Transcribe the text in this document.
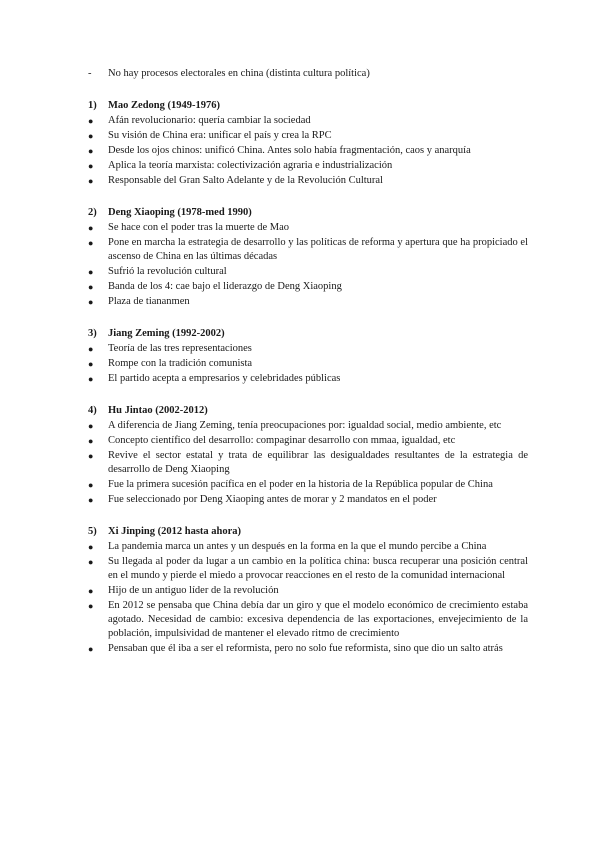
-	No hay procesos electorales en china (distinta cultura política)
1)	Mao Zedong (1949-1976)
●	Afán revolucionario: quería cambiar la sociedad
●	Su visión de China era: unificar el país y crea la RPC
●	Desde los ojos chinos: unificó China. Antes solo había fragmentación, caos y anarquía
●	Aplica la teoría marxista: colectivización agraria e industrialización
●	Responsable del Gran Salto Adelante y de la Revolución Cultural
2)	Deng Xiaoping (1978-med 1990)
●	Se hace con el poder tras la muerte de Mao
●	Pone en marcha la estrategia de desarrollo y las políticas de reforma y apertura que ha propiciado el ascenso de China en las últimas décadas
●	Sufrió la revolución cultural
●	Banda de los 4: cae bajo el liderazgo de Deng Xiaoping
●	Plaza de tiananmen
3)	Jiang Zeming (1992-2002)
●	Teoría de las tres representaciones
●	Rompe con la tradición comunista
●	El partido acepta a empresarios y celebridades públicas
4)	Hu Jintao (2002-2012)
●	A diferencia de Jiang Zeming, tenía preocupaciones por: igualdad social, medio ambiente, etc
●	Concepto científico del desarrollo: compaginar desarrollo con mmaa, igualdad, etc
●	Revive el sector estatal y trata de equilibrar las desigualdades resultantes de la estrategia de desarrollo de Deng Xiaoping
●	Fue la primera sucesión pacífica en el poder en la historia de la República popular de China
●	Fue seleccionado por Deng Xiaoping antes de morar y 2 mandatos en el poder
5)	Xi Jinping (2012 hasta ahora)
●	La pandemia marca un antes y un después en la forma en la que el mundo percibe a China
●	Su llegada al poder da lugar a un cambio en la política china: busca recuperar una posición central en el mundo y pierde el miedo a provocar reacciones en el resto de la comunidad internacional
●	Hijo de un antiguo líder de la revolución
●	En 2012 se pensaba que China debía dar un giro y que el modelo económico de crecimiento estaba agotado. Necesidad de cambio: excesiva dependencia de las exportaciones, envejecimiento de la población, impulsividad de mantener el elevado ritmo de crecimiento
●	Pensaban que él iba a ser el reformista, pero no solo fue reformista, sino que dio un salto atrás
